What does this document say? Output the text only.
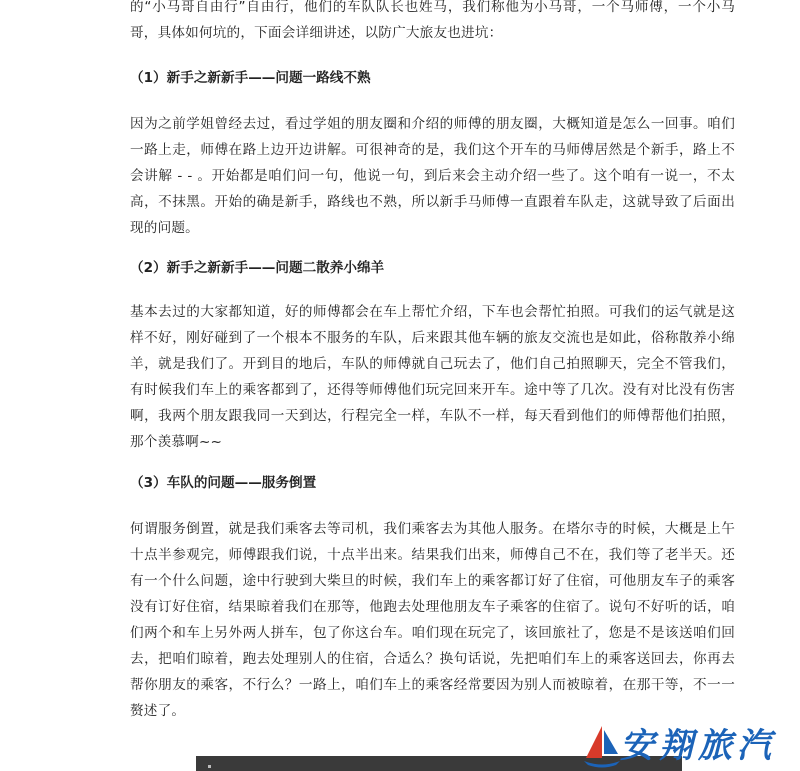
的“小马哥自由行”自由行，他们的车队队长也姓马，我们称他为小马哥，一个马师傅，一个小马哥，具体如何坑的，下面会详细讲述，以防广大旅友也进坑：

（1）新手之新新手——问题一路线不熟

因为之前学姐曾经去过，看过学姐的朋友圈和介绍的师傅的朋友圈，大概知道是怎么一回事。咱们一路上走，师傅在路上边开边讲解。可很神奇的是，我们这个开车的马师傅居然是个新手，路上不会讲解 - - 。开始都是咱们问一句，他说一句，到后来会主动介绍一些了。这个咱有一说一，不太高，不抹黑。开始的确是新手，路线也不熟，所以新手马师傅一直跟着车队走，这就导致了后面出现的问题。

（2）新手之新新手——问题二散养小绵羊

基本去过的大家都知道，好的师傅都会在车上帮忙介绍，下车也会帮忙拍照。可我们的运气就是这样不好，刚好碰到了一个根本不服务的车队，后来跟其他车辆的旅友交流也是如此，俗称散养小绵羊，就是我们了。开到目的地后，车队的师傅就自己玩去了，他们自己拍照聊天，完全不管我们，有时候我们车上的乘客都到了，还得等师傅他们玩完回来开车。途中等了几次。没有对比没有伤害啊，我两个朋友跟我同一天到达，行程完全一样，车队不一样，每天看到他们的师傅帮他们拍照，那个羡慕啊~~

（3）车队的问题——服务倒置

何谓服务倒置，就是我们乘客去等司机，我们乘客去为其他人服务。在塔尔寺的时候，大概是上午十点半参观完，师傅跟我们说，十点半出来。结果我们出来，师傅自己不在，我们等了老半天。还有一个什么问题，途中行驶到大柴旦的时候，我们车上的乘客都订好了住宿，可他朋友车子的乘客没有订好住宿，结果晾着我们在那等，他跑去处理他朋友车子乘客的住宿了。说句不好听的话，咱们两个和车上另外两人拼车，包了你这台车。咱们现在玩完了，该回旅社了，您是不是该送咱们回去，把咱们晾着，跑去处理别人的住宿，合适么？换句话说，先把咱们车上的乘客送回去，你再去帮你朋友的乘客，不行么？一路上，咱们车上的乘客经常要因为别人而被晾着，在那干等，不一一赘述了。

安翔旅汽
